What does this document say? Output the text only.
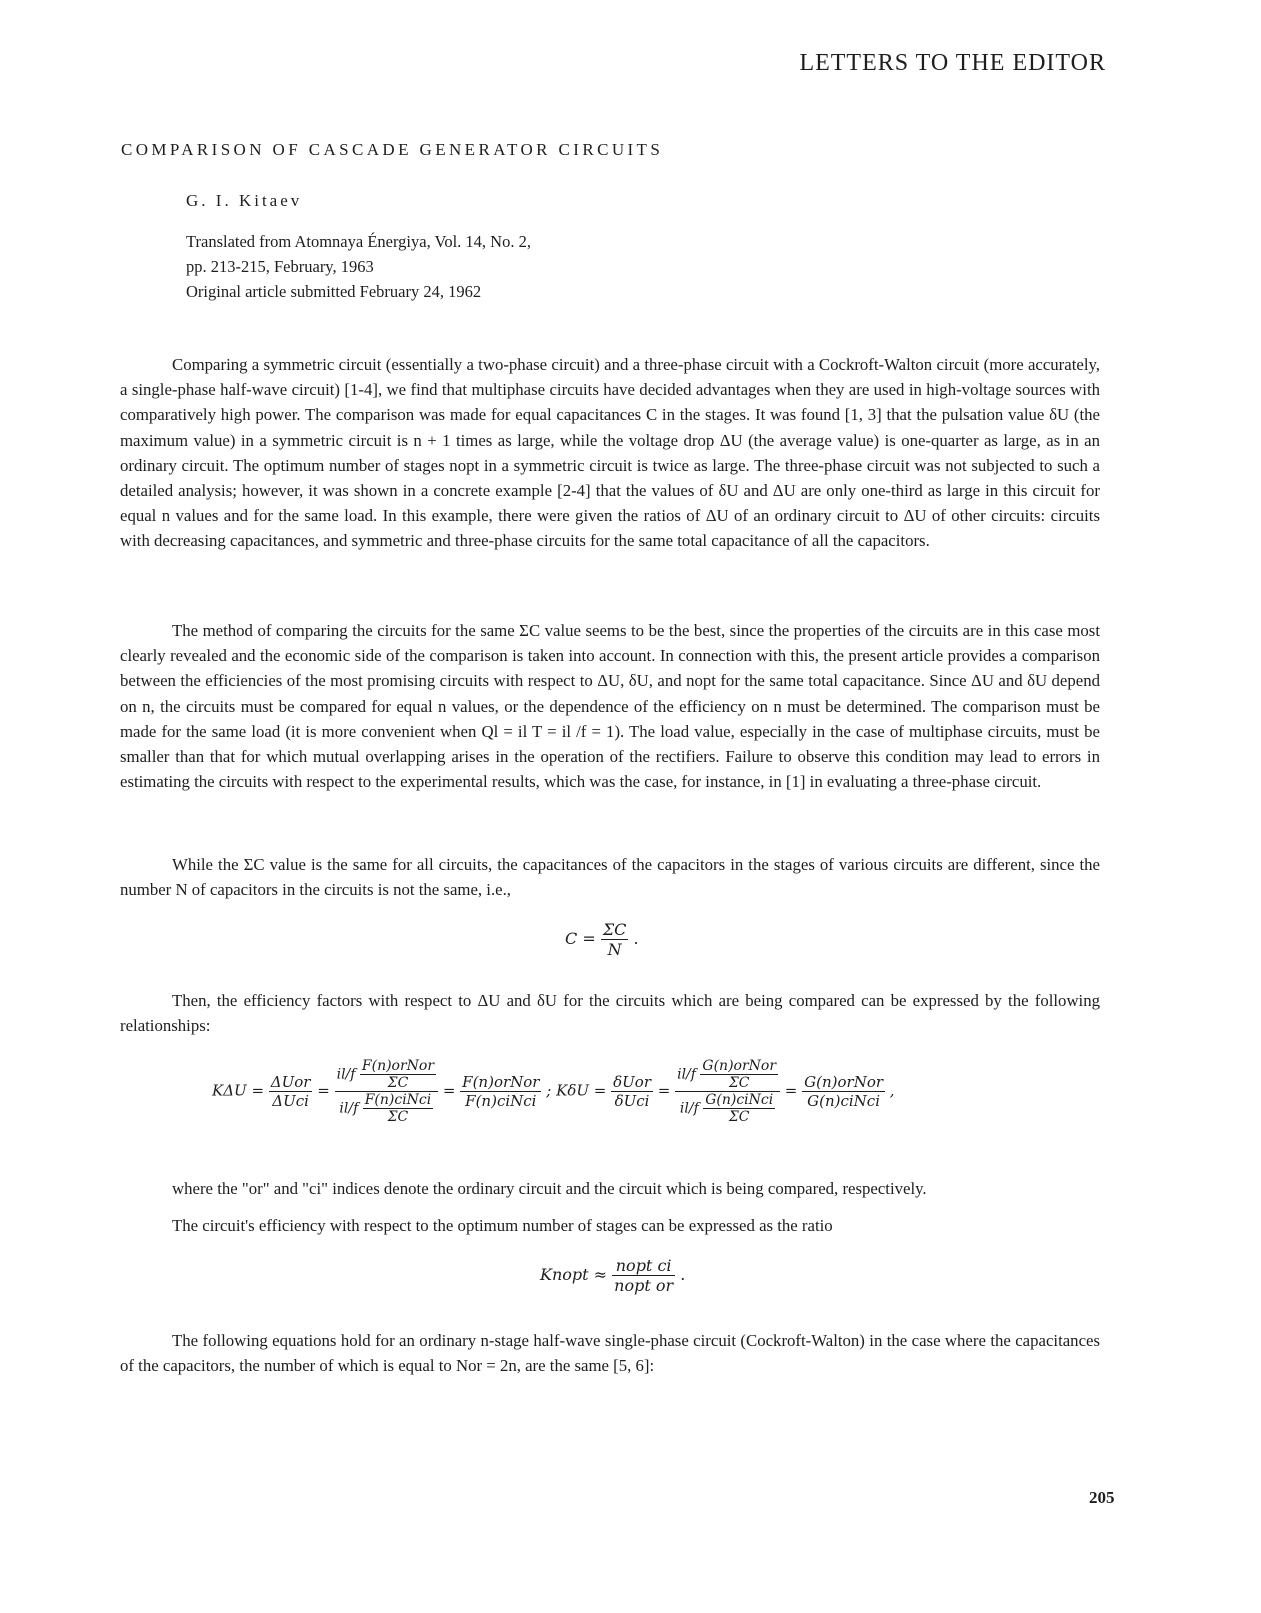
LETTERS TO THE EDITOR
COMPARISON OF CASCADE GENERATOR CIRCUITS
G. I. Kitaev
Translated from Atomnaya Énergiya, Vol. 14, No. 2,
pp. 213-215, February, 1963
Original article submitted February 24, 1962

Comparing a symmetric circuit (essentially a two-phase circuit) and a three-phase circuit with a Cockroft-Walton circuit (more accurately, a single-phase half-wave circuit) [1-4], we find that multiphase circuits have decided advantages when they are used in high-voltage sources with comparatively high power. The comparison was made for equal capacitances C in the stages. It was found [1, 3] that the pulsation value δU (the maximum value) in a symmetric circuit is n + 1 times as large, while the voltage drop ΔU (the average value) is one-quarter as large, as in an ordinary circuit. The optimum number of stages nopt in a symmetric circuit is twice as large. The three-phase circuit was not subjected to such a detailed analysis; however, it was shown in a concrete example [2-4] that the values of δU and ΔU are only one-third as large in this circuit for equal n values and for the same load. In this example, there were given the ratios of ΔU of an ordinary circuit to ΔU of other circuits: circuits with decreasing capacitances, and symmetric and three-phase circuits for the same total capacitance of all the capacitors.

The method of comparing the circuits for the same ΣC value seems to be the best, since the properties of the circuits are in this case most clearly revealed and the economic side of the comparison is taken into account. In connection with this, the present article provides a comparison between the efficiencies of the most promising circuits with respect to ΔU, δU, and nopt for the same total capacitance. Since ΔU and δU depend on n, the circuits must be compared for equal n values, or the dependence of the efficiency on n must be determined. The comparison must be made for the same load (it is more convenient when Ql = il T = il /f = 1). The load value, especially in the case of multiphase circuits, must be smaller than that for which mutual overlapping arises in the operation of the rectifiers. Failure to observe this condition may lead to errors in estimating the circuits with respect to the experimental results, which was the case, for instance, in [1] in evaluating a three-phase circuit.

While the ΣC value is the same for all circuits, the capacitances of the capacitors in the stages of various circuits are different, since the number N of capacitors in the circuits is not the same, i.e.,

$C = \frac{\Sigma C}{N}$ .

Then, the efficiency factors with respect to ΔU and δU for the circuits which are being compared can be expressed by the following relationships:

$K\Delta U = \frac{\text{ΔUor}}{\text{ΔUci}} = \frac{il/f \frac{\text{F(n)orNor}}{\Sigma C}}{il/f \frac{\text{F(n)ciNci}}{\Sigma C}} = \frac{\text{F(n)orNor}}{\text{F(n)ciNci}}$ ; $K\delta U = \frac{\text{δUor}}{\text{δUci}} = \frac{il/f \frac{\text{G(n)orNor}}{\Sigma C}}{il/f \frac{\text{G(n)ciNci}}{\Sigma C}} = \frac{\text{G(n)orNor}}{\text{G(n)ciNci}}$ ,

where the "or" and "ci" indices denote the ordinary circuit and the circuit which is being compared, respectively.

The circuit's efficiency with respect to the optimum number of stages can be expressed as the ratio

Knopt ≈ $\frac{\text{nopt ci}}{\text{nopt or}}$ .

The following equations hold for an ordinary n-stage half-wave single-phase circuit (Cockroft-Walton) in the case where the capacitances of the capacitors, the number of which is equal to Nor = 2n, are the same [5, 6]:

205
